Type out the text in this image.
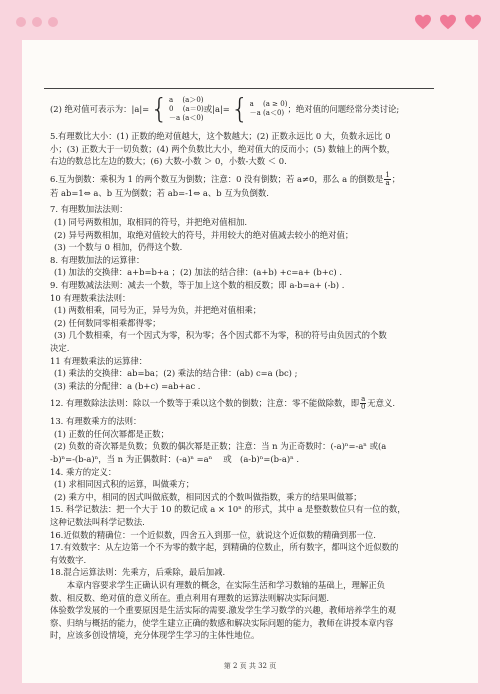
(2) 绝对值可表示为： |a|= { a　 (a＞0)
0　 (a＝0)
－a (a＜0)
或 |a|= { a　 (a ≥ 0)
－a (a＜0) ；绝对值的问题经常分类讨论;

5.有理数比大小：(1) 正数的绝对值越大，这个数越大；(2) 正数永远比 0 大，负数永远比 0

小；(3) 正数大于一切负数；(4) 两个负数比大小，绝对值大的反而小；(5) 数轴上的两个数，

右边的数总比左边的数大；(6) 大数-小数 ＞ 0，小数-大数 ＜ 0.

6.互为倒数：乘积为 1 的两个数互为倒数；注意：0 没有倒数；若 a≠0，那么 a 的倒数是 $\frac{1}{a}$ ；

若 ab=1⇔ a、b 互为倒数；若 ab=-1⇔ a、b 互为负倒数.

7. 有理数加法法则：

(1) 同号两数相加，取相同的符号，并把绝对值相加.

(2) 异号两数相加，取绝对值较大的符号，并用较大的绝对值减去较小的绝对值；

(3) 一个数与 0 相加，仍得这个数.

8. 有理数加法的运算律：

(1) 加法的交换律：a+b=b+a ；(2) 加法的结合律：(a+b) +c=a+ (b+c) .

9. 有理数减法法则：减去一个数，等于加上这个数的相反数；即 a-b=a+ (-b) .

10 有理数乘法法则：

(1) 两数相乘，同号为正，异号为负，并把绝对值相乘；

(2) 任何数同零相乘都得零；

(3) 几个数相乘，有一个因式为零，积为零；各个因式都不为零，积的符号由负因式的个数

决定.

11 有理数乘法的运算律：

(1) 乘法的交换律：ab=ba；(2) 乘法的结合律：(ab) c=a (bc) ;

(3) 乘法的分配律：a (b+c) =ab+ac .

12. 有理数除法法则：除以一个数等于乘以这个数的倒数；注意：零不能做除数，即 $\frac{a}{0}$ 无意义.

13. 有理数乘方的法则：

(1) 正数的任何次幂都是正数；

(2) 负数的奇次幂是负数；负数的偶次幂是正数；注意：当 n 为正奇数时：(-a)ⁿ=-aⁿ 或(a

-b)ⁿ=-(b-a)ⁿ，当 n 为正偶数时：(-a)ⁿ =aⁿ 　或　(a-b)ⁿ=(b-a)ⁿ .

14. 乘方的定义：

(1) 求相同因式积的运算，叫做乘方；

(2) 乘方中，相同的因式叫做底数，相同因式的个数叫做指数，乘方的结果叫做幂；

15. 科学记数法：把一个大于 10 的数记成 a × 10ⁿ 的形式，其中 a 是整数数位只有一位的数，

这种记数法叫科学记数法.

16.近似数的精确位：一个近似数，四舍五入到那一位，就说这个近似数的精确到那一位.

17.有效数字：从左边第一个不为零的数字起，到精确的位数止，所有数字，都叫这个近似数的

有效数字.

18.混合运算法则：先乘方，后乘除，最后加减.

　　本章内容要求学生正确认识有理数的概念，在实际生活和学习数轴的基础上，理解正负

数、相反数、绝对值的意义所在。重点利用有理数的运算法则解决实际问题.

体验数学发展的一个重要原因是生活实际的需要.激发学生学习数学的兴趣，教师培养学生的观

察、归纳与概括的能力，使学生建立正确的数感和解决实际问题的能力，教师在讲授本章内容

时，应该多创设情境，充分体现学生学习的主体性地位。

第 2 页 共 32 页
